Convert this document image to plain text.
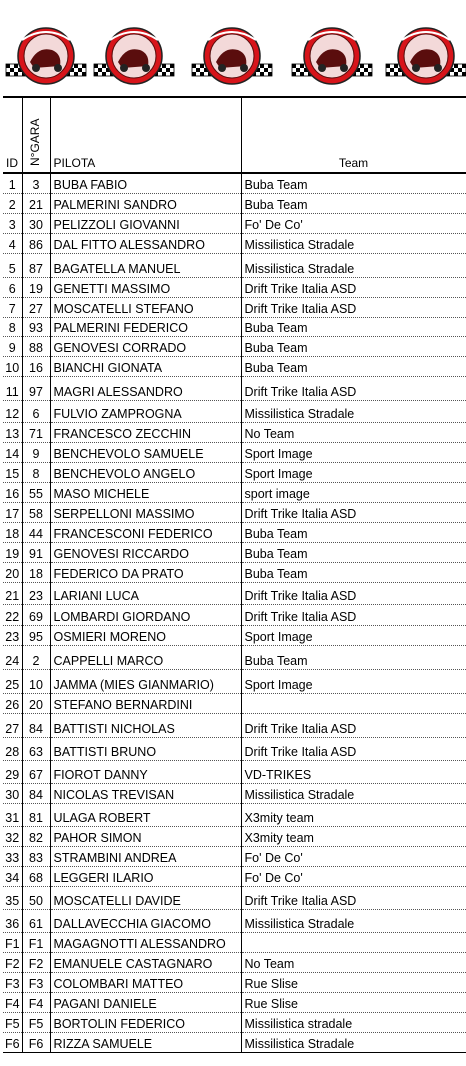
ID	N°GARA	PILOTA	Team
1	3	BUBA FABIO	Buba Team
2	21	PALMERINI SANDRO	Buba Team
3	30	PELIZZOLI GIOVANNI	Fo' De Co'
4	86	DAL FITTO ALESSANDRO	Missilistica Stradale
5	87	BAGATELLA MANUEL	Missilistica Stradale
6	19	GENETTI MASSIMO	Drift Trike Italia ASD
7	27	MOSCATELLI STEFANO	Drift Trike Italia ASD
8	93	PALMERINI FEDERICO	Buba Team
9	88	GENOVESI CORRADO	Buba Team
10	16	BIANCHI GIONATA	Buba Team
11	97	MAGRI ALESSANDRO	Drift Trike Italia ASD
12	6	FULVIO ZAMPROGNA	Missilistica Stradale
13	71	FRANCESCO ZECCHIN	No Team
14	9	BENCHEVOLO SAMUELE	Sport Image
15	8	BENCHEVOLO ANGELO	Sport Image
16	55	MASO MICHELE	sport image
17	58	SERPELLONI MASSIMO	Drift Trike Italia ASD
18	44	FRANCESCONI FEDERICO	Buba Team
19	91	GENOVESI RICCARDO	Buba Team
20	18	FEDERICO DA PRATO	Buba Team
21	23	LARIANI LUCA	Drift Trike Italia ASD
22	69	LOMBARDI GIORDANO	Drift Trike Italia ASD
23	95	OSMIERI MORENO	Sport Image
24	2	CAPPELLI MARCO	Buba Team
25	10	JAMMA (MIES GIANMARIO)	Sport Image
26	20	STEFANO BERNARDINI	
27	84	BATTISTI NICHOLAS	Drift Trike Italia ASD
28	63	BATTISTI BRUNO	Drift Trike Italia ASD
29	67	FIOROT DANNY	VD-TRIKES
30	84	NICOLAS TREVISAN	Missilistica Stradale
31	81	ULAGA ROBERT	X3mity team
32	82	PAHOR SIMON	X3mity team
33	83	STRAMBINI ANDREA	Fo' De Co'
34	68	LEGGERI ILARIO	Fo' De Co'
35	50	MOSCATELLI DAVIDE	Drift Trike Italia ASD
36	61	DALLAVECCHIA GIACOMO	Missilistica Stradale
F1	F1	MAGAGNOTTI ALESSANDRO	
F2	F2	EMANUELE CASTAGNARO	No Team
F3	F3	COLOMBARI MATTEO	Rue Slise
F4	F4	PAGANI DANIELE	Rue Slise
F5	F5	BORTOLIN FEDERICO	Missilistica stradale
F6	F6	RIZZA SAMUELE	Missilistica Stradale
